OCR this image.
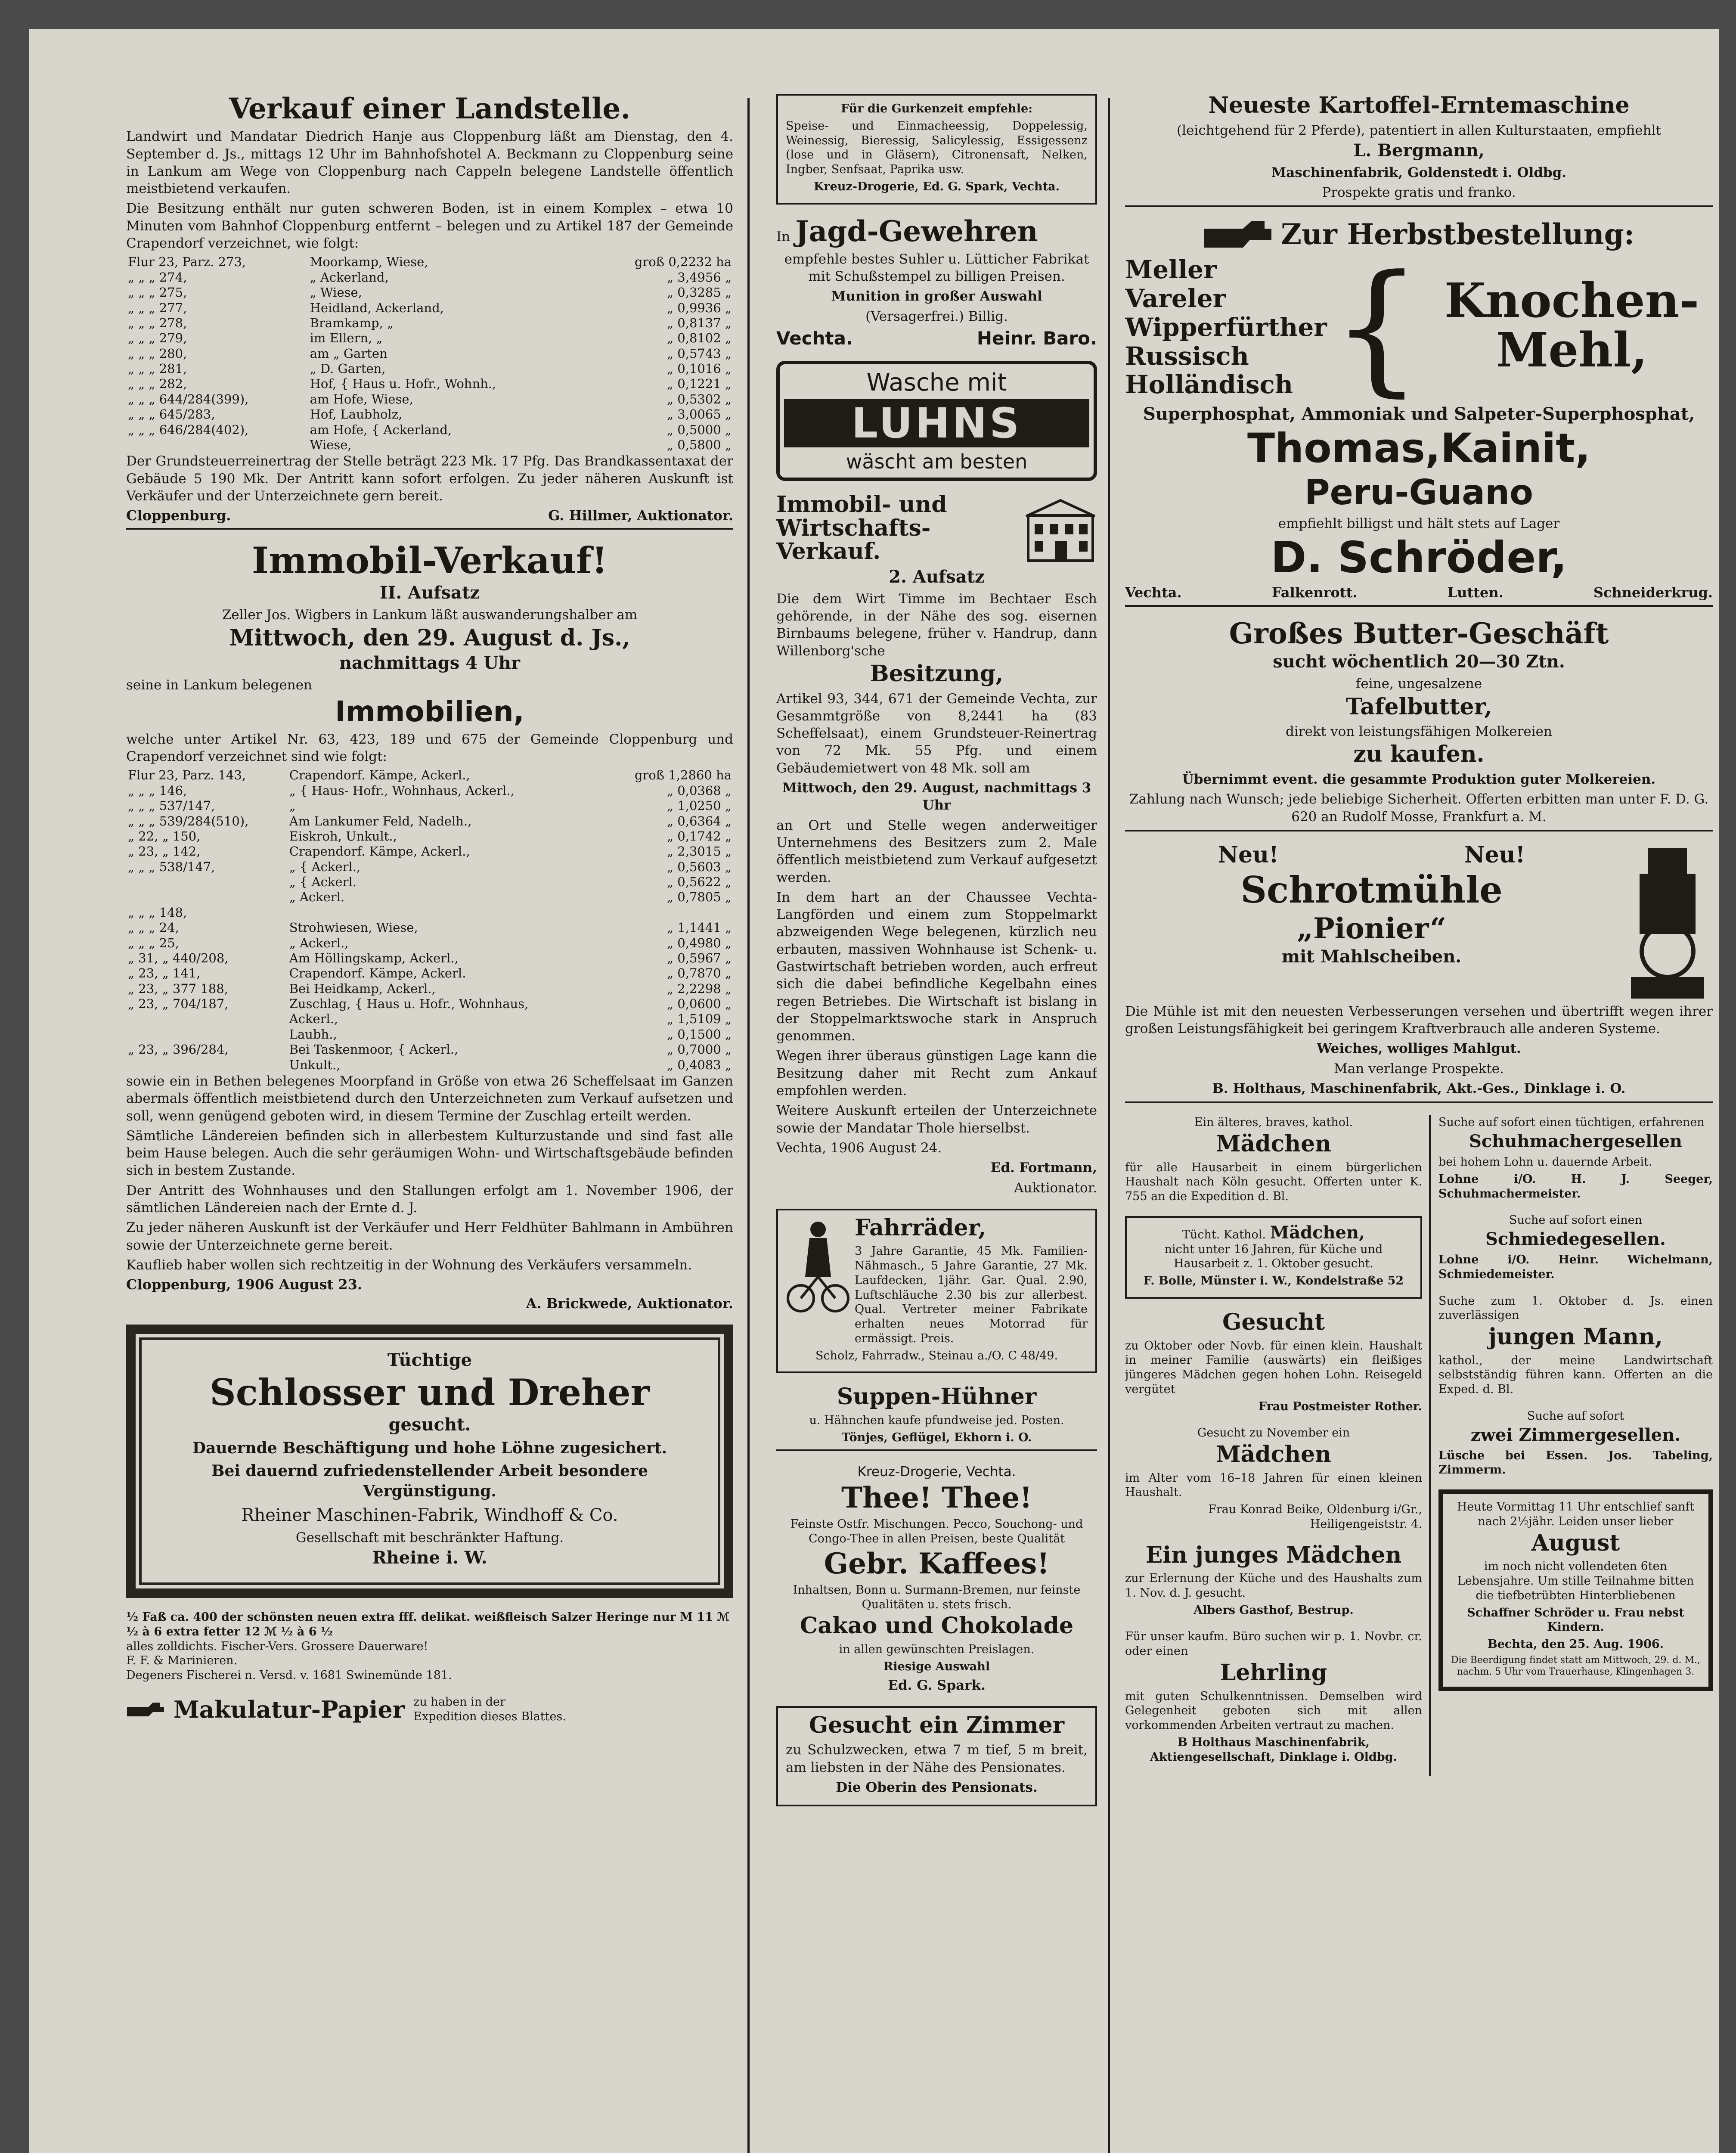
Verkauf einer Landstelle.

Landwirt und Mandatar Diedrich Hanje aus Cloppenburg läßt am Dienstag, den 4. September d. Js., mittags 12 Uhr im Bahnhofshotel A. Beckmann zu Cloppenburg seine in Lankum am Wege von Cloppenburg nach Cappeln belegene Landstelle öffentlich meistbietend verkaufen.

Die Besitzung enthält nur guten schweren Boden, ist in einem Komplex – etwa 10 Minuten vom Bahnhof Cloppenburg entfernt – belegen und zu Artikel 187 der Gemeinde Crapendorf verzeichnet, wie folgt:

Flur 23, Parz. 273,	Moorkamp, Wiese,	groß 0,2232 ha
„ „ „ 274,	„ Ackerland,	„ 3,4956 „
„ „ „ 275,	„ Wiese,	„ 0,3285 „
„ „ „ 277,	Heidland, Ackerland,	„ 0,9936 „
„ „ „ 278,	Bramkamp, „	„ 0,8137 „
„ „ „ 279,	im Ellern, „	„ 0,8102 „
„ „ „ 280,	am „ Garten	„ 0,5743 „
„ „ „ 281,	„ D. Garten,	„ 0,1016 „
„ „ „ 282,	Hof, { Haus u. Hofr., Wohnh.,	„ 0,1221 „
„ „ „ 644/284(399),	am Hofe, Wiese,	„ 0,5302 „
„ „ „ 645/283,	Hof, Laubholz,	„ 3,0065 „
„ „ „ 646/284(402),	am Hofe, { Ackerland,	„ 0,5000 „
	Wiese,	„ 0,5800 „

Der Grundsteuerreinertrag der Stelle beträgt 223 Mk. 17 Pfg. Das Brandkassentaxat der Gebäude 5 190 Mk. Der Antritt kann sofort erfolgen. Zu jeder näheren Auskunft ist Verkäufer und der Unterzeichnete gern bereit.

Cloppenburg.	G. Hillmer, Auktionator.
Immobil-Verkauf!
II. Aufsatz

Zeller Jos. Wigbers in Lankum läßt auswanderungshalber am

Mittwoch, den 29. August d. Js.,
nachmittags 4 Uhr

seine in Lankum belegenen

Immobilien,

welche unter Artikel Nr. 63, 423, 189 und 675 der Gemeinde Cloppenburg und Crapendorf verzeichnet sind wie folgt:

Flur 23, Parz. 143,	Crapendorf. Kämpe, Ackerl.,	groß 1,2860 ha
„ „ „ 146,	„ { Haus- Hofr., Wohnhaus, Ackerl.,	„ 0,0368 „
„ „ „ 537/147,	„	„ 1,0250 „
„ „ „ 539/284(510),	Am Lankumer Feld, Nadelh.,	„ 0,6364 „
„ 22, „ 150,	Eiskroh, Unkult.,	„ 0,1742 „
„ 23, „ 142,	Crapendorf. Kämpe, Ackerl.,	„ 2,3015 „
„ „ „ 538/147,	„ { Ackerl.,	„ 0,5603 „
	„ { Ackerl.	„ 0,5622 „
	„ Ackerl.	„ 0,7805 „
„ „ „ 148,		
„ „ „ 24,	Strohwiesen, Wiese,	„ 1,1441 „
„ „ „ 25,	„ Ackerl.,	„ 0,4980 „
„ 31, „ 440/208,	Am Höllingskamp, Ackerl.,	„ 0,5967 „
„ 23, „ 141,	Crapendorf. Kämpe, Ackerl.	„ 0,7870 „
„ 23, „ 377 188,	Bei Heidkamp, Ackerl.,	„ 2,2298 „
„ 23, „ 704/187,	Zuschlag, { Haus u. Hofr., Wohnhaus,	„ 0,0600 „
	Ackerl.,	„ 1,5109 „
	Laubh.,	„ 0,1500 „
„ 23, „ 396/284,	Bei Taskenmoor, { Ackerl.,	„ 0,7000 „
	Unkult.,	„ 0,4083 „

sowie ein in Bethen belegenes Moorpfand in Größe von etwa 26 Scheffelsaat im Ganzen abermals öffentlich meistbietend durch den Unterzeichneten zum Verkauf aufsetzen und soll, wenn genügend geboten wird, in diesem Termine der Zuschlag erteilt werden.

Sämtliche Ländereien befinden sich in allerbestem Kulturzustande und sind fast alle beim Hause belegen. Auch die sehr geräumigen Wohn- und Wirtschaftsgebäude befinden sich in bestem Zustande.

Der Antritt des Wohnhauses und den Stallungen erfolgt am 1. November 1906, der sämtlichen Ländereien nach der Ernte d. J.

Zu jeder näheren Auskunft ist der Verkäufer und Herr Feldhüter Bahlmann in Ambühren sowie der Unterzeichnete gerne bereit.

Kauflieb haber wollen sich rechtzeitig in der Wohnung des Verkäufers versammeln.

Cloppenburg, 1906 August 23.
A. Brickwede, Auktionator.
Tüchtige
Schlosser und Dreher
gesucht.

Dauernde Beschäftigung und hohe Löhne zugesichert.

Bei dauernd zufriedenstellender Arbeit besondere Vergünstigung.

Rheiner Maschinen-Fabrik, Windhoff & Co.

Gesellschaft mit beschränkter Haftung.

Rheine i. W.
½ Faß ca. 400 der schönsten neuen extra fff. delikat. weißfleisch Salzer Heringe nur M 11 ℳ ½ à 6 extra fetter 12 ℳ ½ à 6 ½
alles zolldichts. Fischer-Vers. Grossere Dauerware!
F. F. & Marinieren.
Degeners Fischerei n. Versd. v. 1681 Swinemünde 181.
Makulatur-Papier zu haben in der Expedition dieses Blattes.

Für die Gurkenzeit empfehle:

Speise- und Einmacheessig, Doppelessig, Weinessig, Bieressig, Salicylessig, Essigessenz (lose und in Gläsern), Citronensaft, Nelken, Ingber, Senfsaat, Paprika usw.

Kreuz-Drogerie, Ed. G. Spark, Vechta.

In Jagd-Gewehren

empfehle bestes Suhler u. Lütticher Fabrikat mit Schußstempel zu billigen Preisen.

Munition in großer Auswahl

(Versagerfrei.) Billig.

Vechta.	Heinr. Baro.
Wasche mit
LUHNS
wäscht am besten
Immobil- und Wirtschafts-Verkauf.
2. Aufsatz

Die dem Wirt Timme im Bechtaer Esch gehörende, in der Nähe des sog. eisernen Birnbaums belegene, früher v. Handrup, dann Willenborg'sche

Besitzung,

Artikel 93, 344, 671 der Gemeinde Vechta, zur Gesammtgröße von 8,2441 ha (83 Scheffelsaat), einem Grundsteuer-Reinertrag von 72 Mk. 55 Pfg. und einem Gebäudemietwert von 48 Mk. soll am

Mittwoch, den 29. August, nachmittags 3 Uhr

an Ort und Stelle wegen anderweitiger Unternehmens des Besitzers zum 2. Male öffentlich meistbietend zum Verkauf aufgesetzt werden.

In dem hart an der Chaussee Vechta-Langförden und einem zum Stoppelmarkt abzweigenden Wege belegenen, kürzlich neu erbauten, massiven Wohnhause ist Schenk- u. Gastwirtschaft betrieben worden, auch erfreut sich die dabei befindliche Kegelbahn eines regen Betriebes. Die Wirtschaft ist bislang in der Stoppelmarktswoche stark in Anspruch genommen.

Wegen ihrer überaus günstigen Lage kann die Besitzung daher mit Recht zum Ankauf empfohlen werden.

Weitere Auskunft erteilen der Unterzeichnete sowie der Mandatar Thole hierselbst.

Vechta, 1906 August 24.

Ed. Fortmann,

Auktionator.

Fahrräder,

3 Jahre Garantie, 45 Mk. Familien-Nähmasch., 5 Jahre Garantie, 27 Mk. Laufdecken, 1jähr. Gar. Qual. 2.90, Luftschläuche 2.30 bis zur allerbest. Qual. Vertreter meiner Fabrikate erhalten neues Motorrad für ermässigt. Preis.

Scholz, Fahrradw., Steinau a./O. C 48/49.

Suppen-Hühner

u. Hähnchen kaufe pfundweise jed. Posten.

Tönjes, Geflügel, Ekhorn i. O.

Kreuz-Drogerie, Vechta.

Thee! Thee!

Feinste Ostfr. Mischungen. Pecco, Souchong- und Congo-Thee in allen Preisen, beste Qualität

Gebr. Kaffees!

Inhaltsen, Bonn u. Surmann-Bremen, nur feinste Qualitäten u. stets frisch.

Cakao und Chokolade

in allen gewünschten Preislagen.

Riesige Auswahl

Ed. G. Spark.

Gesucht ein Zimmer

zu Schulzwecken, etwa 7 m tief, 5 m breit, am liebsten in der Nähe des Pensionates.

Die Oberin des Pensionats.

Neueste Kartoffel-Erntemaschine

(leichtgehend für 2 Pferde), patentiert in allen Kulturstaaten, empfiehlt

L. Bergmann,

Maschinenfabrik, Goldenstedt i. Oldbg.

Prospekte gratis und franko.

Zur Herbstbestellung:
Meller
Vareler
Wipperfürther
Russisch
Holländisch { Knochen-Mehl,
Superphosphat, Ammoniak und Salpeter-Superphosphat,
Thomas,Kainit,
Peru-Guano

empfiehlt billigst und hält stets auf Lager

D. Schröder,
Vechta.	Falkenrott.	Lutten.	Schneiderkrug.
Großes Butter-Geschäft
sucht wöchentlich 20—30 Ztn.

feine, ungesalzene

Tafelbutter,

direkt von leistungsfähigen Molkereien

zu kaufen.

Übernimmt event. die gesammte Produktion guter Molkereien.

Zahlung nach Wunsch; jede beliebige Sicherheit. Offerten erbitten man unter F. D. G. 620 an Rudolf Mosse, Frankfurt a. M.

Neu!	Neu!
Schrotmühle
„Pionier“
mit Mahlscheiben.

Die Mühle ist mit den neuesten Verbesserungen versehen und übertrifft wegen ihrer großen Leistungsfähigkeit bei geringem Kraftverbrauch alle anderen Systeme.

Weiches, wolliges Mahlgut.

Man verlange Prospekte.

B. Holthaus, Maschinenfabrik, Akt.-Ges., Dinklage i. O.

Ein älteres, braves, kathol.

Mädchen

für alle Hausarbeit in einem bürgerlichen Haushalt nach Köln gesucht. Offerten unter K. 755 an die Expedition d. Bl.

Tücht. Kathol. Mädchen,

nicht unter 16 Jahren, für Küche und Hausarbeit z. 1. Oktober gesucht.

F. Bolle, Münster i. W., Kondelstraße 52

Gesucht

zu Oktober oder Novb. für einen klein. Haushalt in meiner Familie (auswärts) ein fleißiges jüngeres Mädchen gegen hohen Lohn. Reisegeld vergütet

Frau Postmeister Rother.

Gesucht zu November ein

Mädchen

im Alter vom 16–18 Jahren für einen kleinen Haushalt.

Frau Konrad Beike, Oldenburg i/Gr., Heiligengeiststr. 4.

Ein junges Mädchen

zur Erlernung der Küche und des Haushalts zum 1. Nov. d. J. gesucht.

Albers Gasthof, Bestrup.

Für unser kaufm. Büro suchen wir p. 1. Novbr. cr. oder einen

Lehrling

mit guten Schulkenntnissen. Demselben wird Gelegenheit geboten sich mit allen vorkommenden Arbeiten vertraut zu machen.

B Holthaus Maschinenfabrik, Aktiengesellschaft, Dinklage i. Oldbg.

Suche auf sofort einen tüchtigen, erfahrenen

Schuhmachergesellen

bei hohem Lohn u. dauernde Arbeit.

Lohne i/O. H. J. Seeger, Schuhmachermeister.

Suche auf sofort einen

Schmiedegesellen.

Lohne i/O. Heinr. Wichelmann, Schmiedemeister.

Suche zum 1. Oktober d. Js. einen zuverlässigen

jungen Mann,

kathol., der meine Landwirtschaft selbstständig führen kann. Offerten an die Exped. d. Bl.

Suche auf sofort

zwei Zimmergesellen.

Lüsche bei Essen. Jos. Tabeling, Zimmerm.

Heute Vormittag 11 Uhr entschlief sanft nach 2½jähr. Leiden unser lieber

August

im noch nicht vollendeten 6ten Lebensjahre. Um stille Teilnahme bitten die tiefbetrübten Hinterbliebenen

Schaffner Schröder u. Frau nebst Kindern.

Bechta, den 25. Aug. 1906.

Die Beerdigung findet statt am Mittwoch, 29. d. M., nachm. 5 Uhr vom Trauerhause, Klingenhagen 3.
